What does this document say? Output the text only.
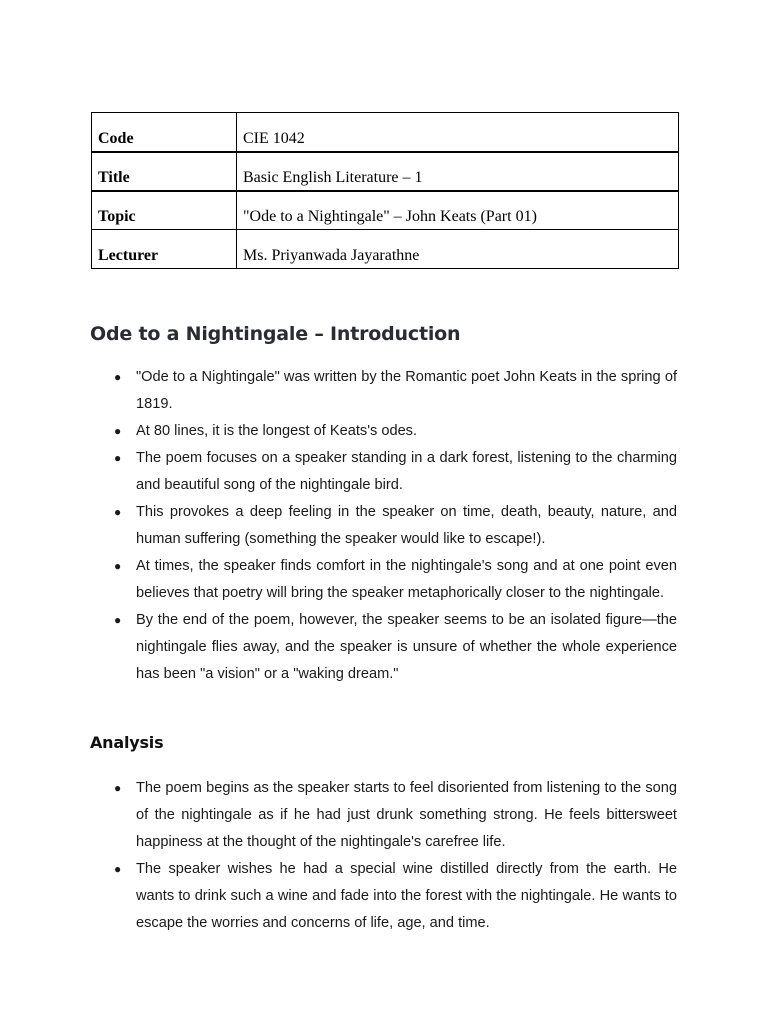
Code	CIE 1042
Title	Basic English Literature – 1
Topic	"Ode to a Nightingale" – John Keats (Part 01)
Lecturer	Ms. Priyanwada Jayarathne
Ode to a Nightingale – Introduction
● "Ode to a Nightingale" was written by the Romantic poet John Keats in the spring of 1819.
● At 80 lines, it is the longest of Keats's odes.
● The poem focuses on a speaker standing in a dark forest, listening to the charming and beautiful song of the nightingale bird.
● This provokes a deep feeling in the speaker on time, death, beauty, nature, and human suffering (something the speaker would like to escape!).
● At times, the speaker finds comfort in the nightingale's song and at one point even believes that poetry will bring the speaker metaphorically closer to the nightingale.
● By the end of the poem, however, the speaker seems to be an isolated figure—the nightingale flies away, and the speaker is unsure of whether the whole experience has been "a vision" or a "waking dream."
Analysis
● The poem begins as the speaker starts to feel disoriented from listening to the song of the nightingale as if he had just drunk something strong. He feels bittersweet happiness at the thought of the nightingale's carefree life.
● The speaker wishes he had a special wine distilled directly from the earth. He wants to drink such a wine and fade into the forest with the nightingale. He wants to escape the worries and concerns of life, age, and time.
